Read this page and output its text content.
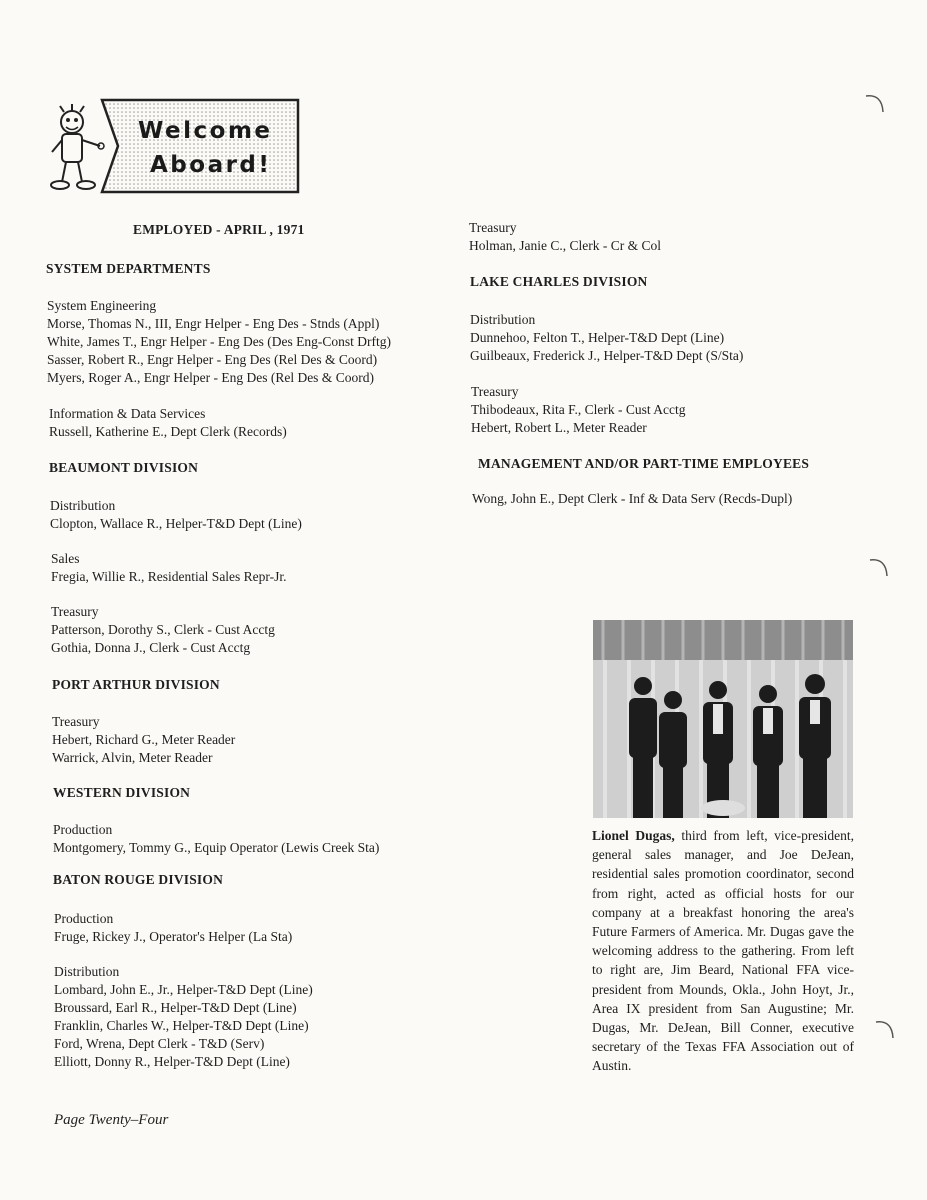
Welcome
Aboard!
EMPLOYED - APRIL , 1971
SYSTEM DEPARTMENTS
System Engineering
Morse, Thomas N., III, Engr Helper - Eng Des - Stnds (Appl)
White, James T., Engr Helper - Eng Des (Des Eng-Const Drftg)
Sasser, Robert R., Engr Helper - Eng Des (Rel Des & Coord)
Myers, Roger A., Engr Helper - Eng Des (Rel Des & Coord)
Information & Data Services
Russell, Katherine E., Dept Clerk (Records)
BEAUMONT DIVISION
Distribution
Clopton, Wallace R., Helper-T&D Dept (Line)
Sales
Fregia, Willie R., Residential Sales Repr-Jr.
Treasury
Patterson, Dorothy S., Clerk - Cust Acctg
Gothia, Donna J., Clerk - Cust Acctg
PORT ARTHUR DIVISION
Treasury
Hebert, Richard G., Meter Reader
Warrick, Alvin, Meter Reader
WESTERN DIVISION
Production
Montgomery, Tommy G., Equip Operator (Lewis Creek Sta)
BATON ROUGE DIVISION
Production
Fruge, Rickey J., Operator's Helper (La Sta)
Distribution
Lombard, John E., Jr., Helper-T&D Dept (Line)
Broussard, Earl R., Helper-T&D Dept (Line)
Franklin, Charles W., Helper-T&D Dept (Line)
Ford, Wrena, Dept Clerk - T&D (Serv)
Elliott, Donny R., Helper-T&D Dept (Line)
Page Twenty–Four
Treasury
Holman, Janie C., Clerk - Cr & Col
LAKE CHARLES DIVISION
Distribution
Dunnehoo, Felton T., Helper-T&D Dept (Line)
Guilbeaux, Frederick J., Helper-T&D Dept (S/Sta)
Treasury
Thibodeaux, Rita F., Clerk - Cust Acctg
Hebert, Robert L., Meter Reader
MANAGEMENT AND/OR PART-TIME EMPLOYEES
Wong, John E., Dept Clerk - Inf & Data Serv (Recds-Dupl)
Lionel Dugas, third from left, vice-president, general sales manager, and Joe DeJean, residential sales promotion coordinator, second from right, acted as official hosts for our company at a breakfast honoring the area's Future Farmers of America. Mr. Dugas gave the welcoming address to the gathering. From left to right are, Jim Beard, National FFA vice-president from Mounds, Okla., John Hoyt, Jr., Area IX president from San Augustine; Mr. Dugas, Mr. DeJean, Bill Conner, executive secretary of the Texas FFA Association out of Austin.
